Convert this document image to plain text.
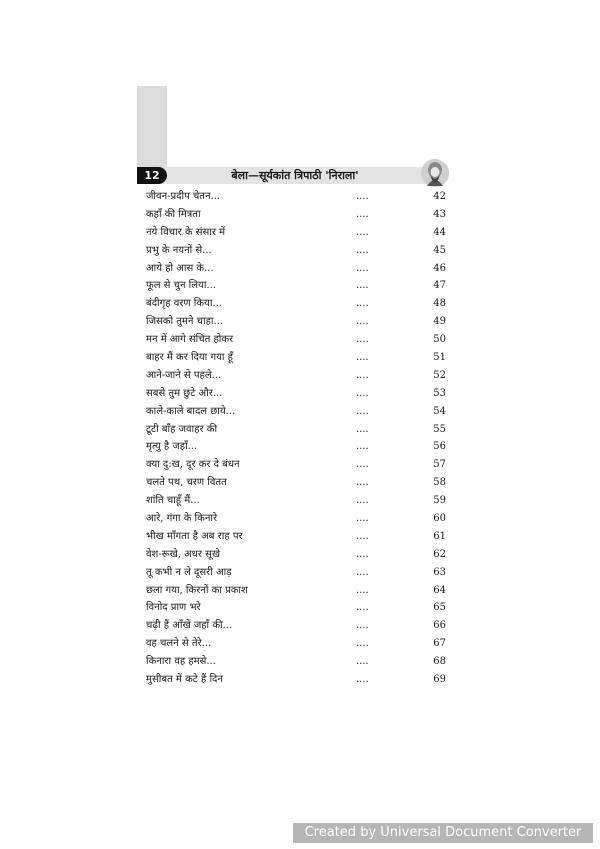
12	बेला—सूर्यकांत त्रिपाठी 'निराला'
जीवन-प्रदीप चेतन...	....	42
कहाँ की मित्रता	....	43
नये विचार के संसार में	....	44
प्रभु के नयनों से...	....	45
आये हो आस के...	....	46
फूल से चुन लिया...	....	47
बंदीगृह वरण किया...	....	48
जिसको तुमने चाहा...	....	49
मन में आगे संचित होकर	....	50
बाहर मैं कर दिया गया हूँ	....	51
आने-जाने से पहले...	....	52
सबसे तुम छुटे और...	....	53
काले-काले बादल छाये...	....	54
टूटी बाँह जवाहर की	....	55
मृत्यु है जहाँ...	....	56
क्या दु:ख, दूर कर दे बंधन	....	57
चलते पथ, चरण वितत	....	58
शांति चाहूँ मैं...	....	59
आरे, गंगा के किनारे	....	60
भीख माँगता है अब राह पर	....	61
वेश-रूखे, अधर सूखे	....	62
तू कभी न ले दूसरी आड़	....	63
छला गया, किरनों का प्रकाश	....	64
विनोद प्राण भरे	....	65
चढ़ी हैं आँखें जहाँ की...	....	66
वह चलने से तेरे...	....	67
किनारा वह हमसे...	....	68
मुसीबत में कटे हैं दिन	....	69
Created by Universal Document Converter
